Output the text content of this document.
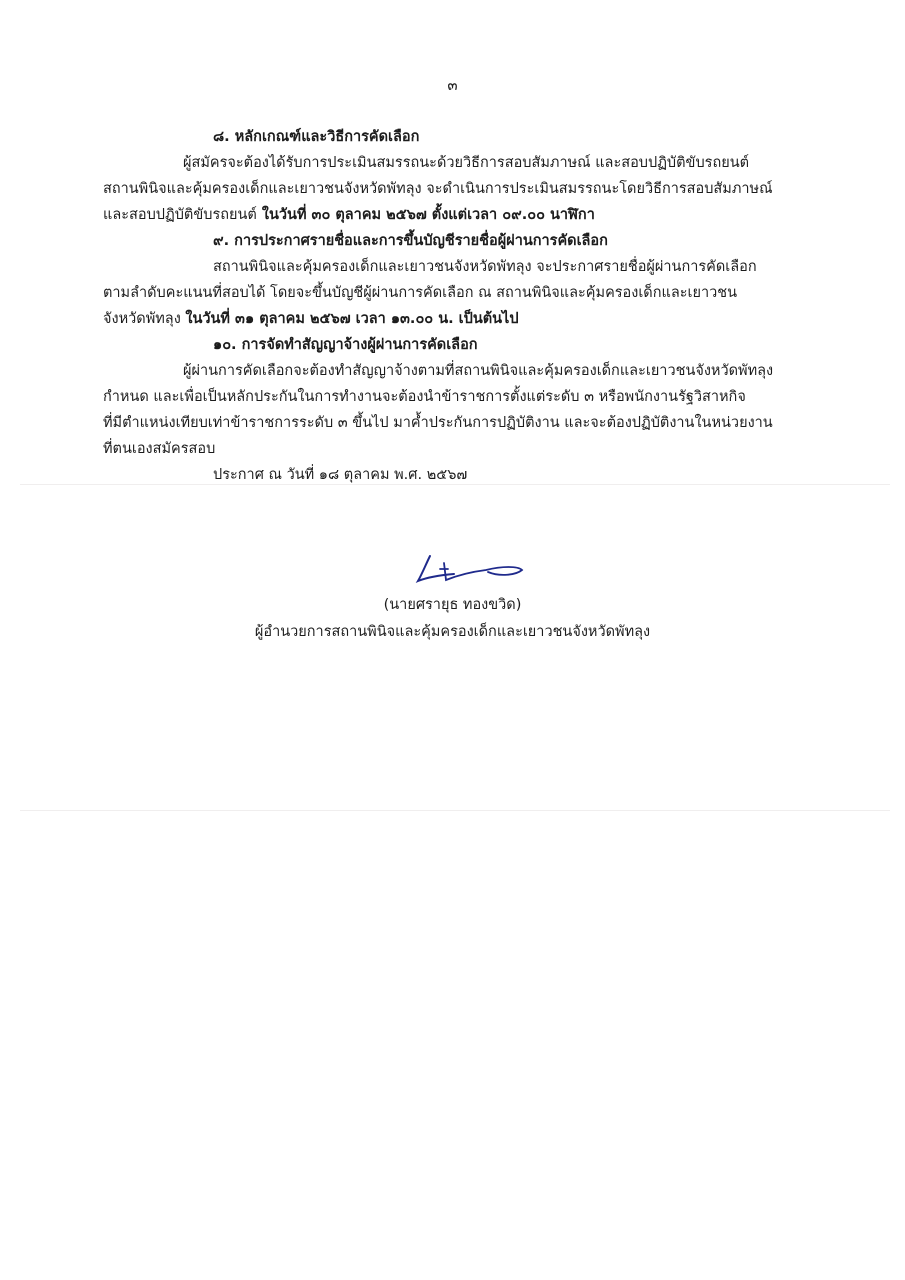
๓
๘. หลักเกณฑ์และวิธีการคัดเลือก
ผู้สมัครจะต้องได้รับการประเมินสมรรถนะด้วยวิธีการสอบสัมภาษณ์ และสอบปฏิบัติขับรถยนต์
สถานพินิจและคุ้มครองเด็กและเยาวชนจังหวัดพัทลุง จะดำเนินการประเมินสมรรถนะโดยวิธีการสอบสัมภาษณ์
และสอบปฏิบัติขับรถยนต์ ในวันที่ ๓๐ ตุลาคม ๒๕๖๗ ตั้งแต่เวลา ๐๙.๐๐ นาฬิกา
๙. การประกาศรายชื่อและการขึ้นบัญชีรายชื่อผู้ผ่านการคัดเลือก
สถานพินิจและคุ้มครองเด็กและเยาวชนจังหวัดพัทลุง จะประกาศรายชื่อผู้ผ่านการคัดเลือก
ตามลำดับคะแนนที่สอบได้ โดยจะขึ้นบัญชีผู้ผ่านการคัดเลือก ณ สถานพินิจและคุ้มครองเด็กและเยาวชน
จังหวัดพัทลุง ในวันที่ ๓๑ ตุลาคม ๒๕๖๗ เวลา ๑๓.๐๐ น. เป็นต้นไป
๑๐. การจัดทำสัญญาจ้างผู้ผ่านการคัดเลือก
ผู้ผ่านการคัดเลือกจะต้องทำสัญญาจ้างตามที่สถานพินิจและคุ้มครองเด็กและเยาวชนจังหวัดพัทลุง
กำหนด และเพื่อเป็นหลักประกันในการทำงานจะต้องนำข้าราชการตั้งแต่ระดับ ๓ หรือพนักงานรัฐวิสาหกิจ
ที่มีตำแหน่งเทียบเท่าข้าราชการระดับ ๓ ขึ้นไป มาค้ำประกันการปฏิบัติงาน และจะต้องปฏิบัติงานในหน่วยงาน
ที่ตนเองสมัครสอบ
ประกาศ ณ วันที่ ๑๘ ตุลาคม พ.ศ. ๒๕๖๗
(นายศรายุธ ทองขวิด)
ผู้อำนวยการสถานพินิจและคุ้มครองเด็กและเยาวชนจังหวัดพัทลุง
